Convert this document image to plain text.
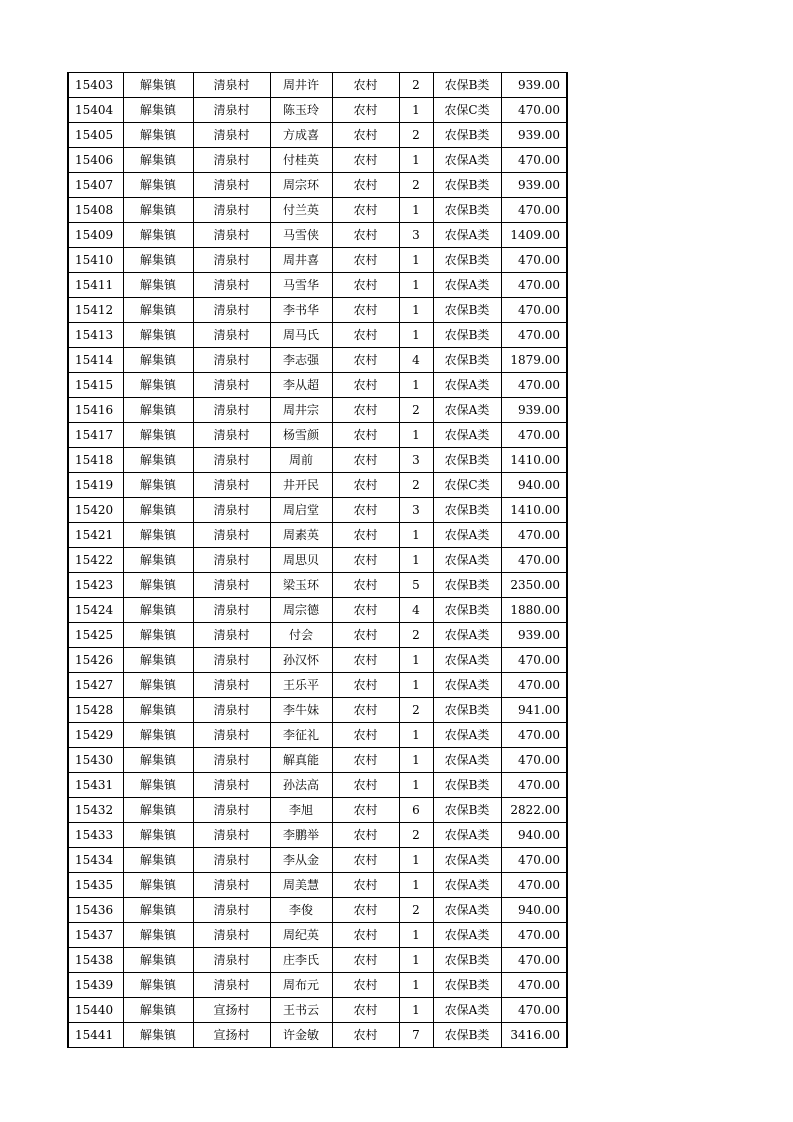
15403	解集镇	清泉村	周井许	农村	2	农保B类	939.00
15404	解集镇	清泉村	陈玉玲	农村	1	农保C类	470.00
15405	解集镇	清泉村	方成喜	农村	2	农保B类	939.00
15406	解集镇	清泉村	付桂英	农村	1	农保A类	470.00
15407	解集镇	清泉村	周宗环	农村	2	农保B类	939.00
15408	解集镇	清泉村	付兰英	农村	1	农保B类	470.00
15409	解集镇	清泉村	马雪侠	农村	3	农保A类	1409.00
15410	解集镇	清泉村	周井喜	农村	1	农保B类	470.00
15411	解集镇	清泉村	马雪华	农村	1	农保A类	470.00
15412	解集镇	清泉村	李书华	农村	1	农保B类	470.00
15413	解集镇	清泉村	周马氏	农村	1	农保B类	470.00
15414	解集镇	清泉村	李志强	农村	4	农保B类	1879.00
15415	解集镇	清泉村	李从超	农村	1	农保A类	470.00
15416	解集镇	清泉村	周井宗	农村	2	农保A类	939.00
15417	解集镇	清泉村	杨雪颜	农村	1	农保A类	470.00
15418	解集镇	清泉村	周前	农村	3	农保B类	1410.00
15419	解集镇	清泉村	井开民	农村	2	农保C类	940.00
15420	解集镇	清泉村	周启堂	农村	3	农保B类	1410.00
15421	解集镇	清泉村	周素英	农村	1	农保A类	470.00
15422	解集镇	清泉村	周思贝	农村	1	农保A类	470.00
15423	解集镇	清泉村	梁玉环	农村	5	农保B类	2350.00
15424	解集镇	清泉村	周宗德	农村	4	农保B类	1880.00
15425	解集镇	清泉村	付会	农村	2	农保A类	939.00
15426	解集镇	清泉村	孙汉怀	农村	1	农保A类	470.00
15427	解集镇	清泉村	王乐平	农村	1	农保A类	470.00
15428	解集镇	清泉村	李牛妹	农村	2	农保B类	941.00
15429	解集镇	清泉村	李征礼	农村	1	农保A类	470.00
15430	解集镇	清泉村	解真能	农村	1	农保A类	470.00
15431	解集镇	清泉村	孙法高	农村	1	农保B类	470.00
15432	解集镇	清泉村	李旭	农村	6	农保B类	2822.00
15433	解集镇	清泉村	李鹏举	农村	2	农保A类	940.00
15434	解集镇	清泉村	李从金	农村	1	农保A类	470.00
15435	解集镇	清泉村	周美慧	农村	1	农保A类	470.00
15436	解集镇	清泉村	李俊	农村	2	农保A类	940.00
15437	解集镇	清泉村	周纪英	农村	1	农保A类	470.00
15438	解集镇	清泉村	庄李氏	农村	1	农保B类	470.00
15439	解集镇	清泉村	周布元	农村	1	农保B类	470.00
15440	解集镇	宣扬村	王书云	农村	1	农保A类	470.00
15441	解集镇	宣扬村	许金敏	农村	7	农保B类	3416.00
